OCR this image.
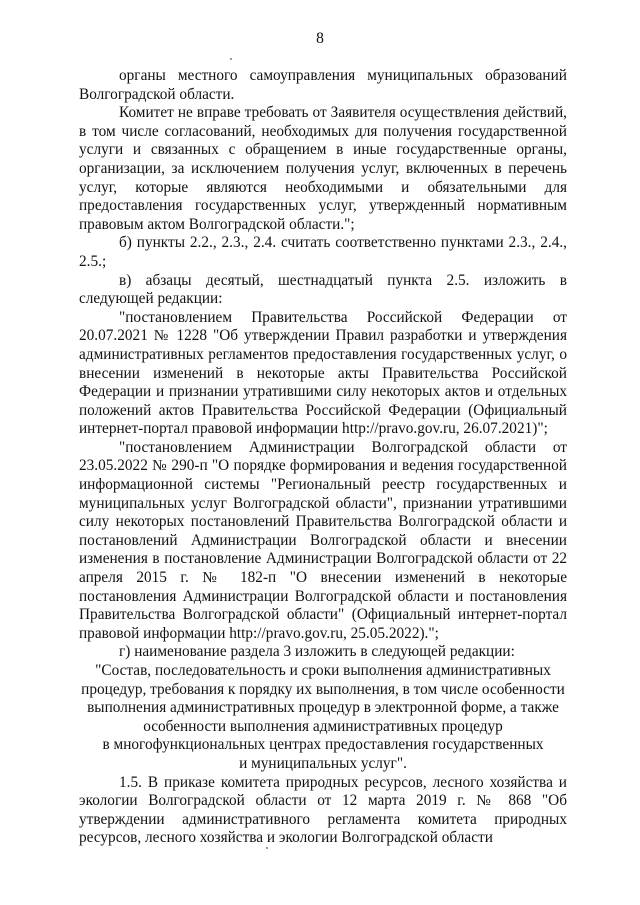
8

органы местного самоуправления муниципальных образований Волгоградской области.

Комитет не вправе требовать от Заявителя осуществления действий, в том числе согласований, необходимых для получения государственной услуги и связанных с обращением в иные государственные органы, организации, за исключением получения услуг, включенных в перечень услуг, которые являются необходимыми и обязательными для предоставления государственных услуг, утвержденный нормативным правовым актом Волгоградской области.";

б) пункты 2.2., 2.3., 2.4. считать соответственно пунктами 2.3., 2.4., 2.5.;

в) абзацы десятый, шестнадцатый пункта 2.5. изложить в следующей редакции:

"постановлением Правительства Российской Федерации от 20.07.2021 № 1228 "Об утверждении Правил разработки и утверждения административных регламентов предоставления государственных услуг, о внесении изменений в некоторые акты Правительства Российской Федерации и признании утратившими силу некоторых актов и отдельных положений актов Правительства Российской Федерации (Официальный интернет-портал правовой информации http://pravo.gov.ru, 26.07.2021)";

"постановлением Администрации Волгоградской области от 23.05.2022 № 290-п "О порядке формирования и ведения государственной информационной системы "Региональный реестр государственных и муниципальных услуг Волгоградской области", признании утратившими силу некоторых постановлений Правительства Волгоградской области и постановлений Администрации Волгоградской области и внесении изменения в постановление Администрации Волгоградской области от 22 апреля 2015 г. № 182-п "О внесении изменений в некоторые постановления Администрации Волгоградской области и постановления Правительства Волгоградской области" (Официальный интернет-портал правовой информации http://pravo.gov.ru, 25.05.2022).";

г) наименование раздела 3 изложить в следующей редакции:

"Состав, последовательность и сроки выполнения административных

процедур, требования к порядку их выполнения, в том числе особенности

выполнения административных процедур в электронной форме, а также

особенности выполнения административных процедур

в многофункциональных центрах предоставления государственных

и муниципальных услуг".

1.5. В приказе комитета природных ресурсов, лесного хозяйства и экологии Волгоградской области от 12 марта 2019 г. № 868 "Об утверждении административного регламента комитета природных ресурсов, лесного хозяйства и экологии Волгоградской области
